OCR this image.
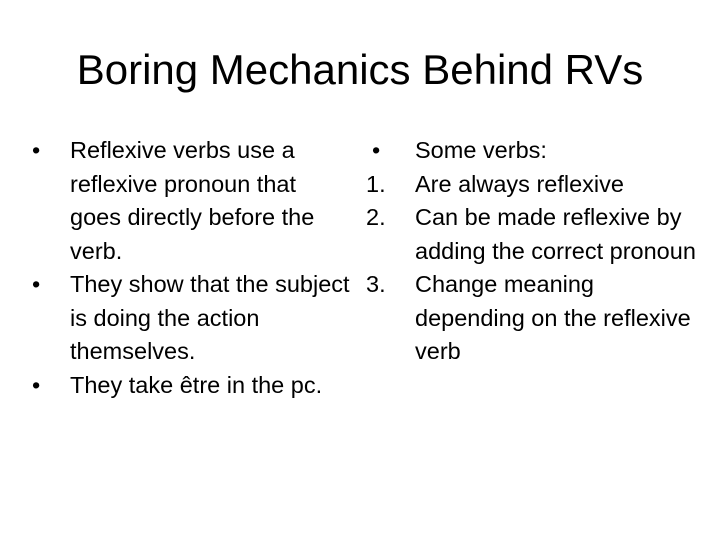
Boring Mechanics Behind RVs
• Reflexive verbs use a reflexive pronoun that goes directly before the verb.
• They show that the subject is doing the action themselves.
• They take être in the pc.
• Some verbs:
1. Are always reflexive
2. Can be made reflexive by adding the correct pronoun
3. Change meaning depending on the reflexive verb
